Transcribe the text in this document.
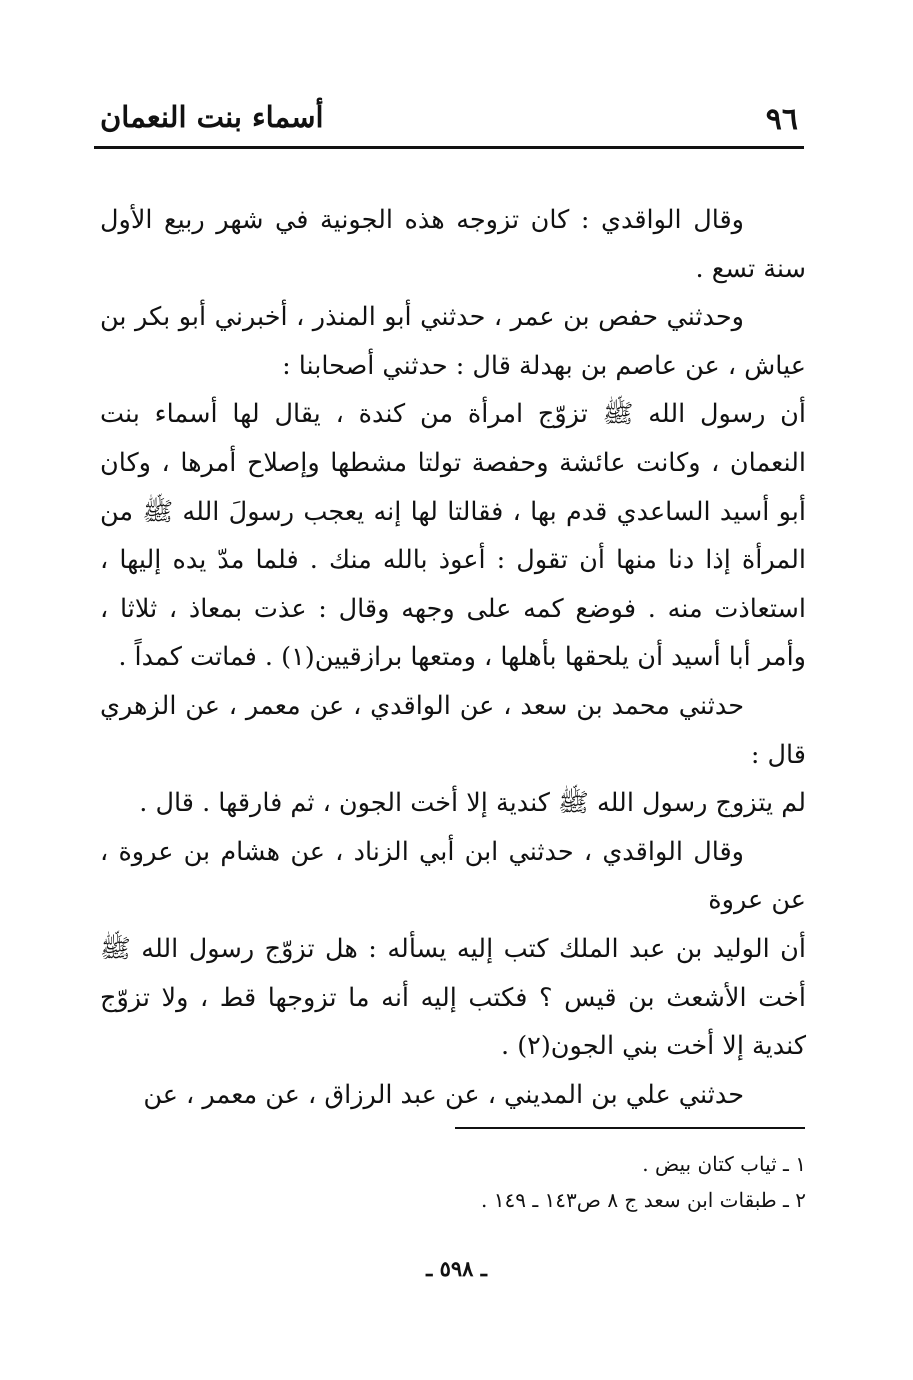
٩٦
أسماء بنت النعمان

وقال الواقدي : كان تزوجه هذه الجونية في شهر ربيع الأول سنة تسع .

وحدثني حفص بن عمر ، حدثني أبو المنذر ، أخبرني أبو بكر بن عياش ، عن عاصم بن بهدلة قال : حدثني أصحابنا :

أن رسول الله ﷺ تزوّج امرأة من كندة ، يقال لها أسماء بنت النعمان ، وكانت عائشة وحفصة تولتا مشطها وإصلاح أمرها ، وكان أبو أسيد الساعدي قدم بها ، فقالتا لها إنه يعجب رسولَ الله ﷺ من المرأة إذا دنا منها أن تقول : أعوذ بالله منك . فلما مدّ يده إليها ، استعاذت منه . فوضع كمه على وجهه وقال : عذت بمعاذ ، ثلاثا ، وأمر أبا أسيد أن يلحقها بأهلها ، ومتعها برازقيين(١) . فماتت كمداً .

حدثني محمد بن سعد ، عن الواقدي ، عن معمر ، عن الزهري قال :

لم يتزوج رسول الله ﷺ كندية إلا أخت الجون ، ثم فارقها . قال .

وقال الواقدي ، حدثني ابن أبي الزناد ، عن هشام بن عروة ، عن عروة

أن الوليد بن عبد الملك كتب إليه يسأله : هل تزوّج رسول الله ﷺ أخت الأشعث بن قيس ؟ فكتب إليه أنه ما تزوجها قط ، ولا تزوّج كندية إلا أخت بني الجون(٢) .

حدثني علي بن المديني ، عن عبد الرزاق ، عن معمر ، عن

١ ـ ثياب كتان بيض .

٢ ـ طبقات ابن سعد ج ٨ ص١٤٣ ـ ١٤٩ .

ـ ٥٩٨ ـ
